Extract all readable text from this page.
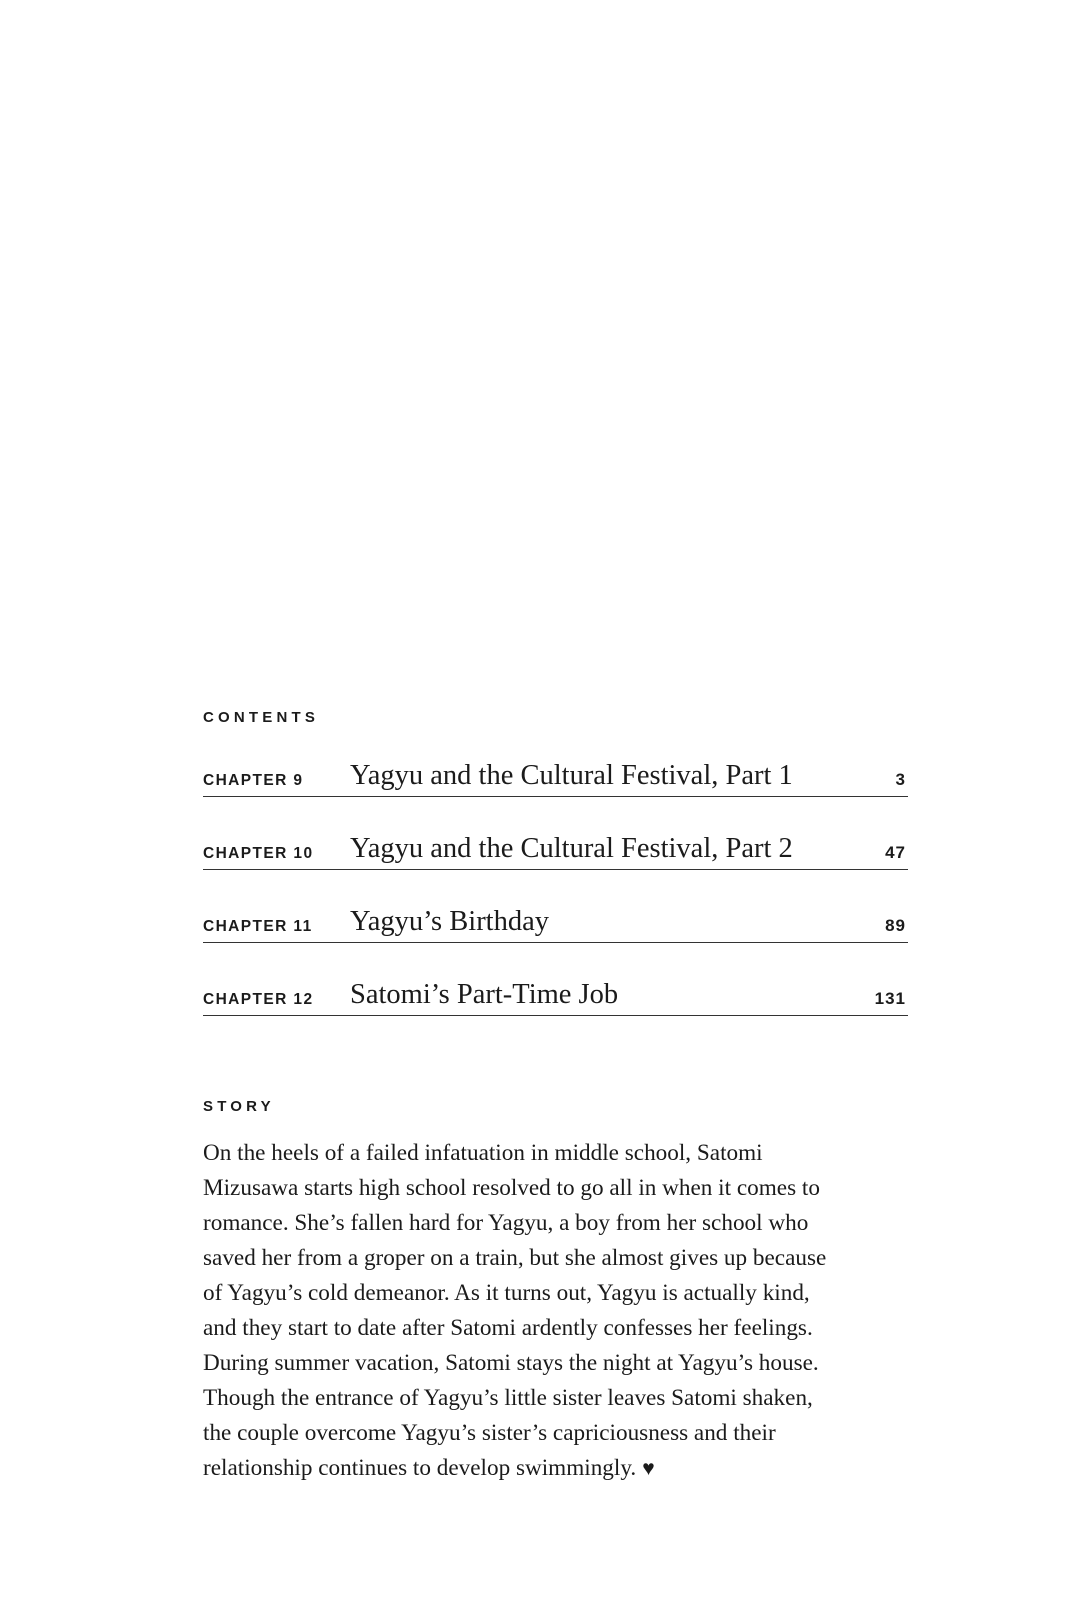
CONTENTS
CHAPTER 9 Yagyu and the Cultural Festival, Part 1	3
CHAPTER 10 Yagyu and the Cultural Festival, Part 2	47
CHAPTER 11 Yagyu’s Birthday	89
CHAPTER 12 Satomi’s Part-Time Job	131
STORY

On the heels of a failed infatuation in middle school, Satomi
Mizusawa starts high school resolved to go all in when it comes to
romance. She’s fallen hard for Yagyu, a boy from her school who
saved her from a groper on a train, but she almost gives up because
of Yagyu’s cold demeanor. As it turns out, Yagyu is actually kind,
and they start to date after Satomi ardently confesses her feelings.
During summer vacation, Satomi stays the night at Yagyu’s house.
Though the entrance of Yagyu’s little sister leaves Satomi shaken,
the couple overcome Yagyu’s sister’s capriciousness and their
relationship continues to develop swimmingly. ♥
